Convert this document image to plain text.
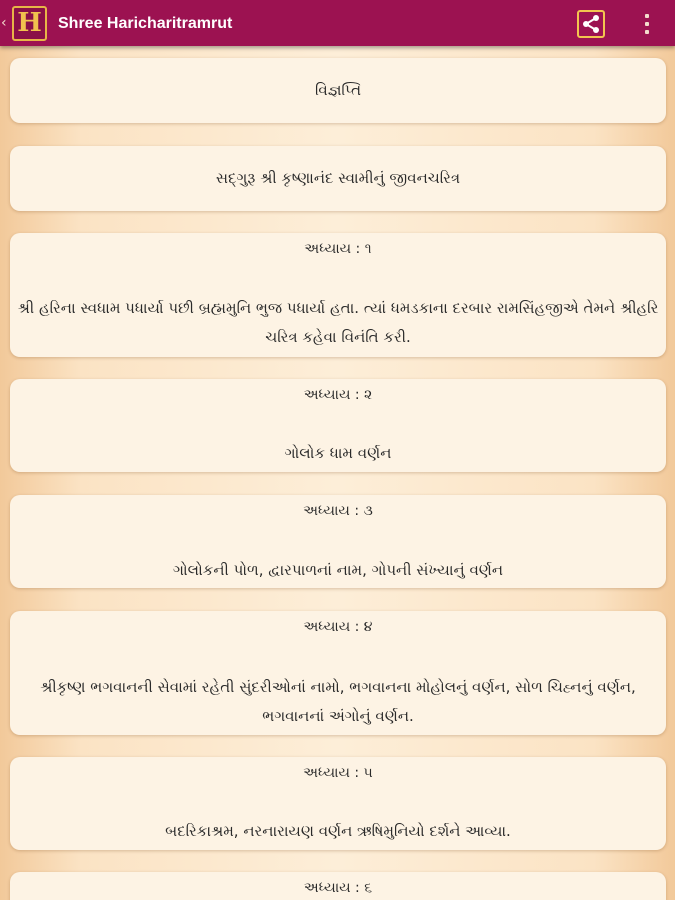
‹ H	Shree Haricharitramrut
વિજ્ઞપ્તિ
સદ્ગુરૂ શ્રી કૃષ્ણાનંદ સ્વામીનું જીવનચરિત્ર
અધ્યાય : ૧
શ્રી હરિના સ્વધામ પધાર્યા પછી બ્રહ્મમુનિ ભુજ પધાર્યા હતા. ત્યાં ધમડકાના દરબાર રામસિંહજીએ તેમને શ્રીહરિ ચરિત્ર કહેવા વિનંતિ કરી.
અધ્યાય : ૨
ગોલોક ધામ વર્ણન
અધ્યાય : ૩
ગોલોકની પોળ, દ્વારપાળનાં નામ, ગોપની સંખ્યાનું વર્ણન
અધ્યાય : ૪
શ્રીકૃષ્ણ ભગવાનની સેવામાં રહેતી સુંદરીઓનાં નામો, ભગવાનના મોહોલનું વર્ણન, સોળ ચિહ્નનું વર્ણન, ભગવાનનાં અંગોનું વર્ણન.
અધ્યાય : ૫
બદરિકાશ્રમ, નરનારાયણ વર્ણન ઋષિમુનિયો દર્શને આવ્યા.
અધ્યાય : ૬
